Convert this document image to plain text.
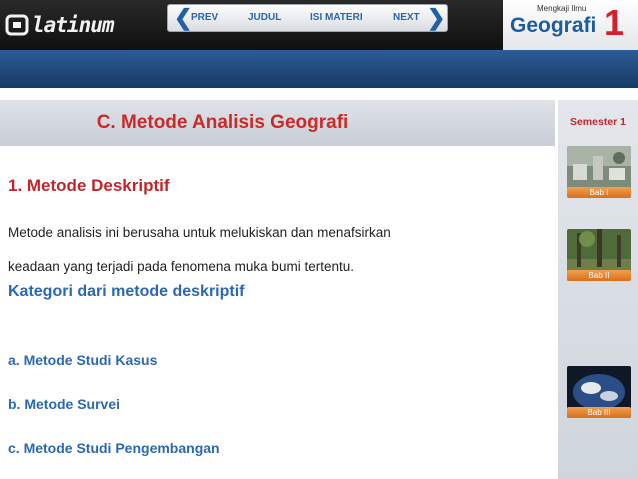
latinum	❮
PREV	JUDUL	ISI MATERI	NEXT ❯	Mengkaji Ilmu
Geografi 1
C. Metode Analisis Geografi
1. Metode Deskriptif
Metode analisis ini berusaha untuk melukiskan dan menafsirkan
keadaan yang terjadi pada fenomena muka bumi tertentu.
Kategori dari metode deskriptif
a. Metode Studi Kasus
b. Metode Survei
c. Metode Studi Pengembangan
Semester 1
Bab I
Bab II
Bab III
